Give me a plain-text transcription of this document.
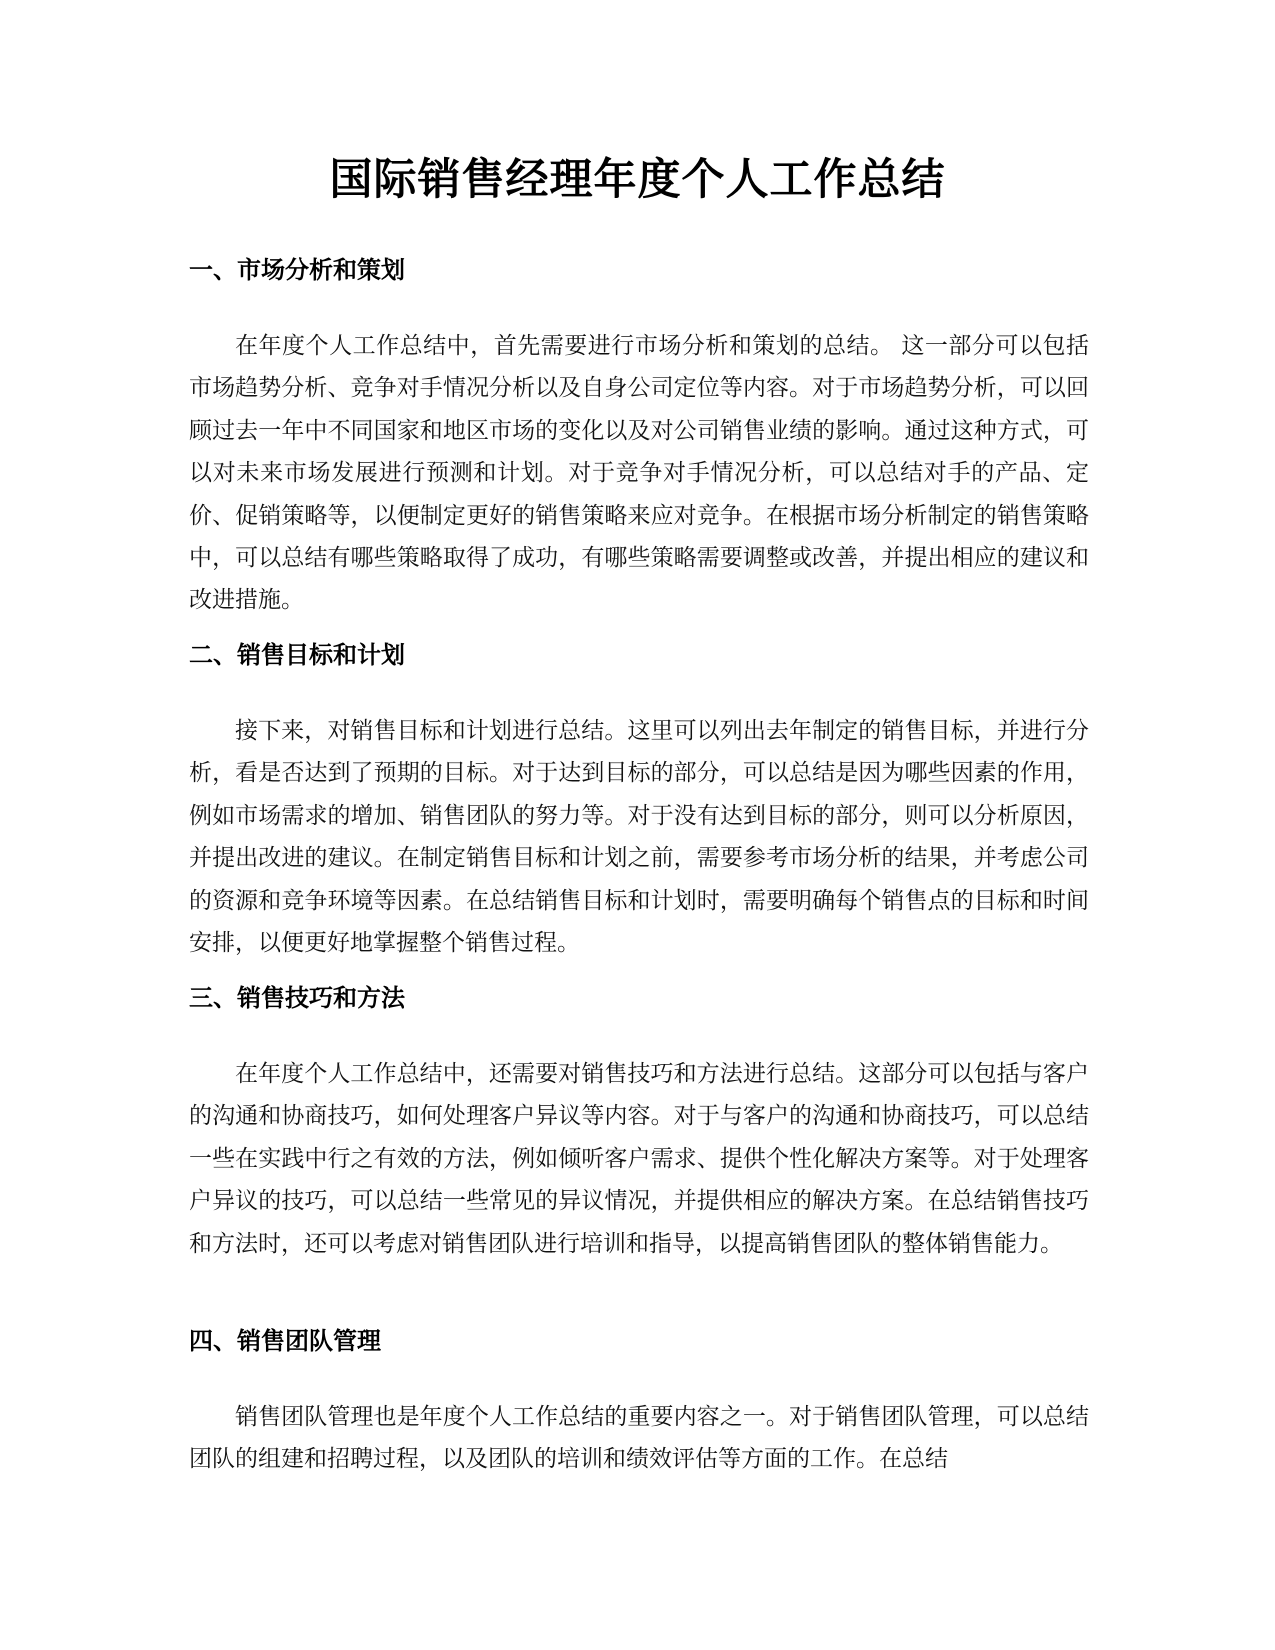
国际销售经理年度个人工作总结
一、市场分析和策划

在年度个人工作总结中，首先需要进行市场分析和策划的总结。 这一部分可以包括市场趋势分析、竞争对手情况分析以及自身公司定位等内容。对于市场趋势分析，可以回顾过去一年中不同国家和地区市场的变化以及对公司销售业绩的影响。通过这种方式，可以对未来市场发展进行预测和计划。对于竞争对手情况分析，可以总结对手的产品、定价、促销策略等，以便制定更好的销售策略来应对竞争。在根据市场分析制定的销售策略中，可以总结有哪些策略取得了成功，有哪些策略需要调整或改善，并提出相应的建议和改进措施。

二、销售目标和计划

接下来，对销售目标和计划进行总结。这里可以列出去年制定的销售目标，并进行分析，看是否达到了预期的目标。对于达到目标的部分，可以总结是因为哪些因素的作用，例如市场需求的增加、销售团队的努力等。对于没有达到目标的部分，则可以分析原因，并提出改进的建议。在制定销售目标和计划之前，需要参考市场分析的结果，并考虑公司的资源和竞争环境等因素。在总结销售目标和计划时，需要明确每个销售点的目标和时间安排，以便更好地掌握整个销售过程。

三、销售技巧和方法

在年度个人工作总结中，还需要对销售技巧和方法进行总结。这部分可以包括与客户的沟通和协商技巧，如何处理客户异议等内容。对于与客户的沟通和协商技巧，可以总结一些在实践中行之有效的方法，例如倾听客户需求、提供个性化解决方案等。对于处理客户异议的技巧，可以总结一些常见的异议情况，并提供相应的解决方案。在总结销售技巧和方法时，还可以考虑对销售团队进行培训和指导，以提高销售团队的整体销售能力。

四、销售团队管理

销售团队管理也是年度个人工作总结的重要内容之一。对于销售团队管理，可以总结团队的组建和招聘过程，以及团队的培训和绩效评估等方面的工作。在总结
